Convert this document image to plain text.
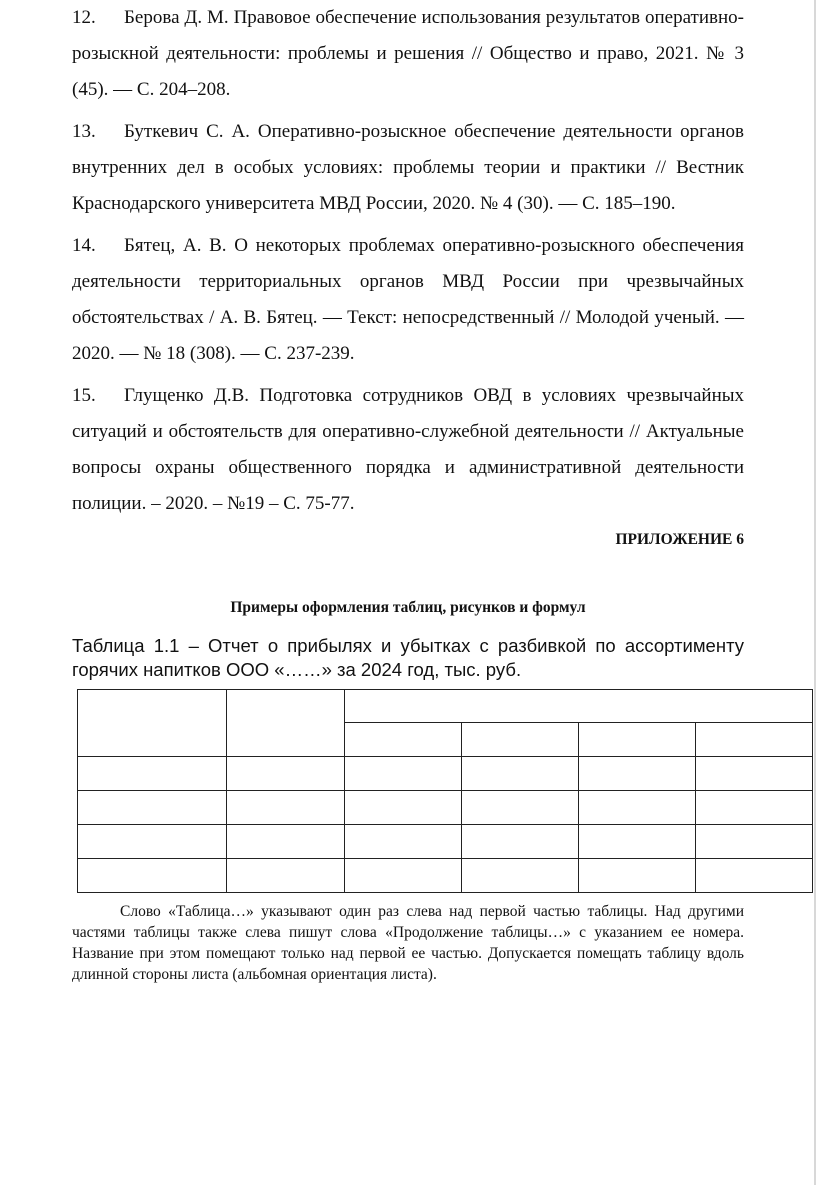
12. Берова Д. М. Правовое обеспечение использования результатов оперативно-розыскной деятельности: проблемы и решения // Общество и право, 2021. № 3 (45). — С. 204–208.
13. Буткевич С. А. Оперативно-розыскное обеспечение деятельности органов внутренних дел в особых условиях: проблемы теории и практики // Вестник Краснодарского университета МВД России, 2020. № 4 (30). — С. 185–190.
14. Бятец, А. В. О некоторых проблемах оперативно-розыскного обеспечения деятельности территориальных органов МВД России при чрезвычайных обстоятельствах / А. В. Бятец. — Текст: непосредственный // Молодой ученый. — 2020. — № 18 (308). — С. 237-239.
15. Глущенко Д.В. Подготовка сотрудников ОВД в условиях чрезвычайных ситуаций и обстоятельств для оперативно-служебной деятельности // Актуальные вопросы охраны общественного порядка и административной деятельности полиции. – 2020. – №19 – С. 75-77.
ПРИЛОЖЕНИЕ 6
Примеры оформления таблиц, рисунков и формул
Таблица 1.1 – Отчет о прибылях и убытках с разбивкой по ассортименту горячих напитков ООО «……» за 2024 год, тыс. руб.

Слово «Таблица…» указывают один раз слева над первой частью таблицы. Над другими частями таблицы также слева пишут слова «Продолжение таблицы…» с указанием ее номера. Название при этом помещают только над первой ее частью. Допускается помещать таблицу вдоль длинной стороны листа (альбомная ориентация листа).
